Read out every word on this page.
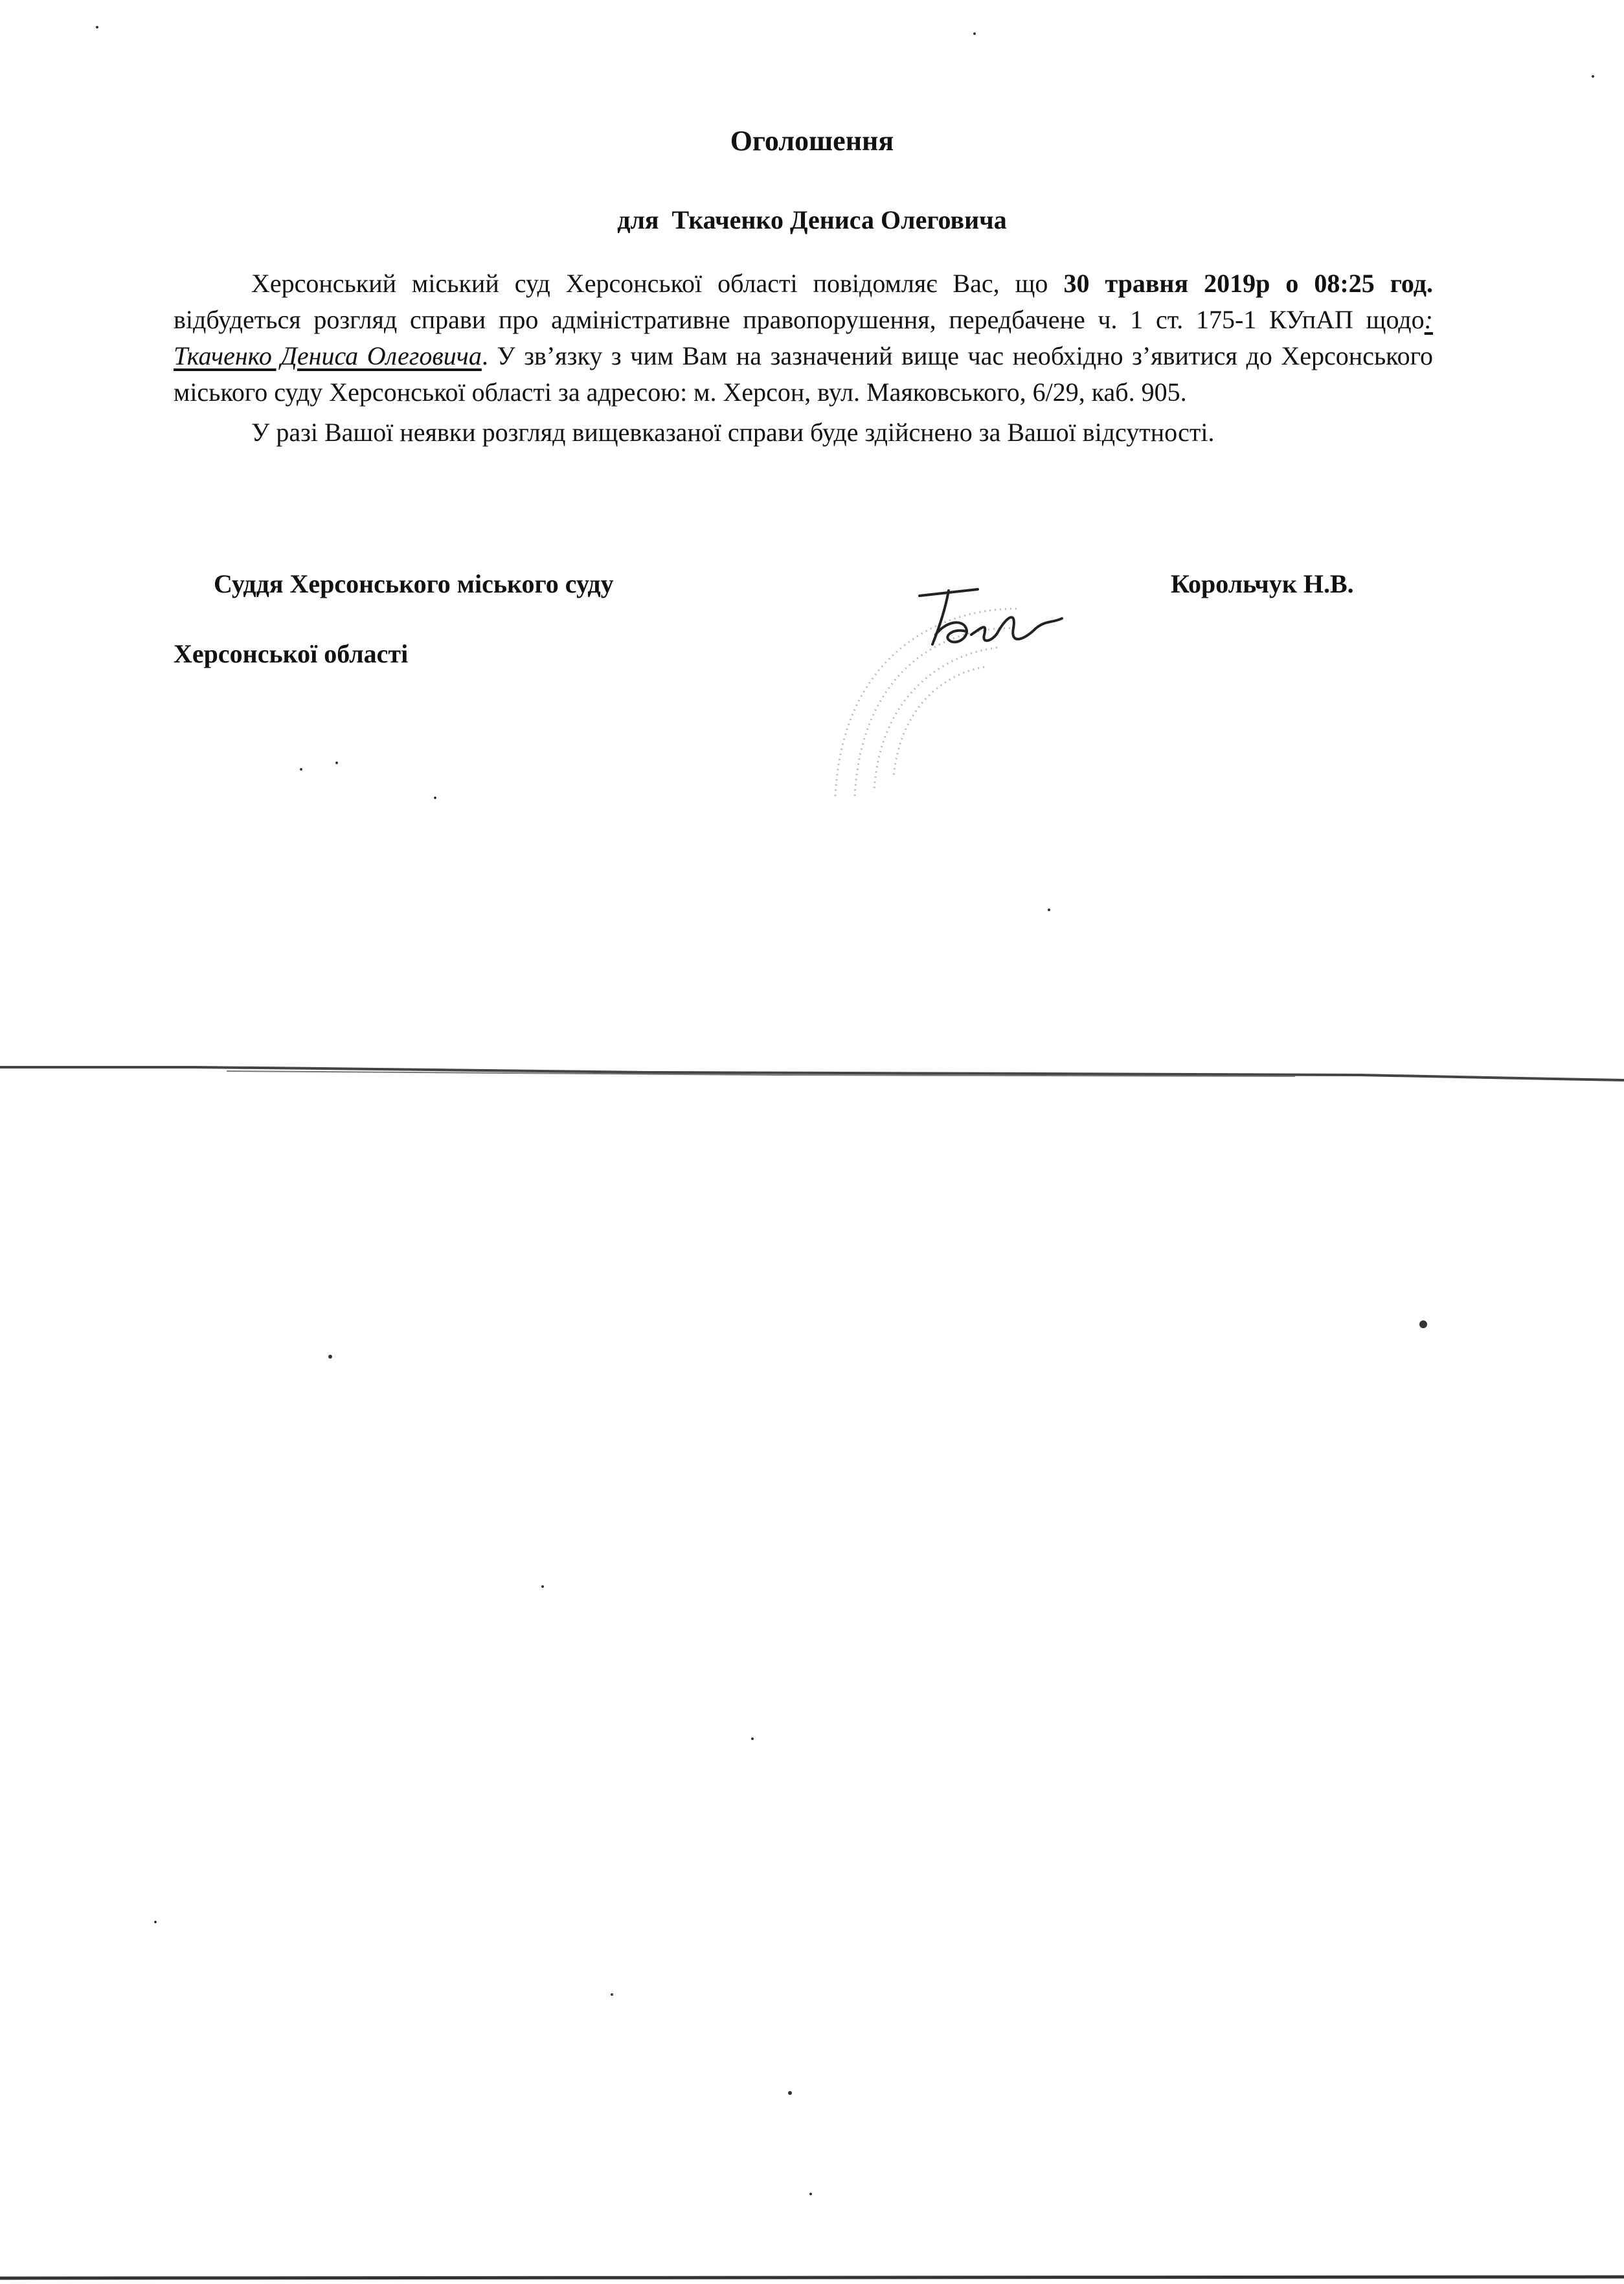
Оголошення
для  Ткаченко Дениса Олеговича

Херсонський міський суд Херсонської області повідомляє Вас, що 30 травня 2019р о 08:25 год. відбудеться розгляд справи про адміністративне правопорушення, передбачене ч. 1 ст. 175-1 КУпАП щодо: Ткаченко Дениса Олеговича. У зв’язку з чим Вам на зазначений вище час необхідно з’явитися до Херсонського міського суду Херсонської області за адресою: м. Херсон, вул. Маяковського, 6/29, каб. 905.

У разі Вашої неявки розгляд вищевказаної справи буде здійснено за Вашої відсутності.

Суддя Херсонського міського суду	Корольчук Н.В.
Херсонської області
